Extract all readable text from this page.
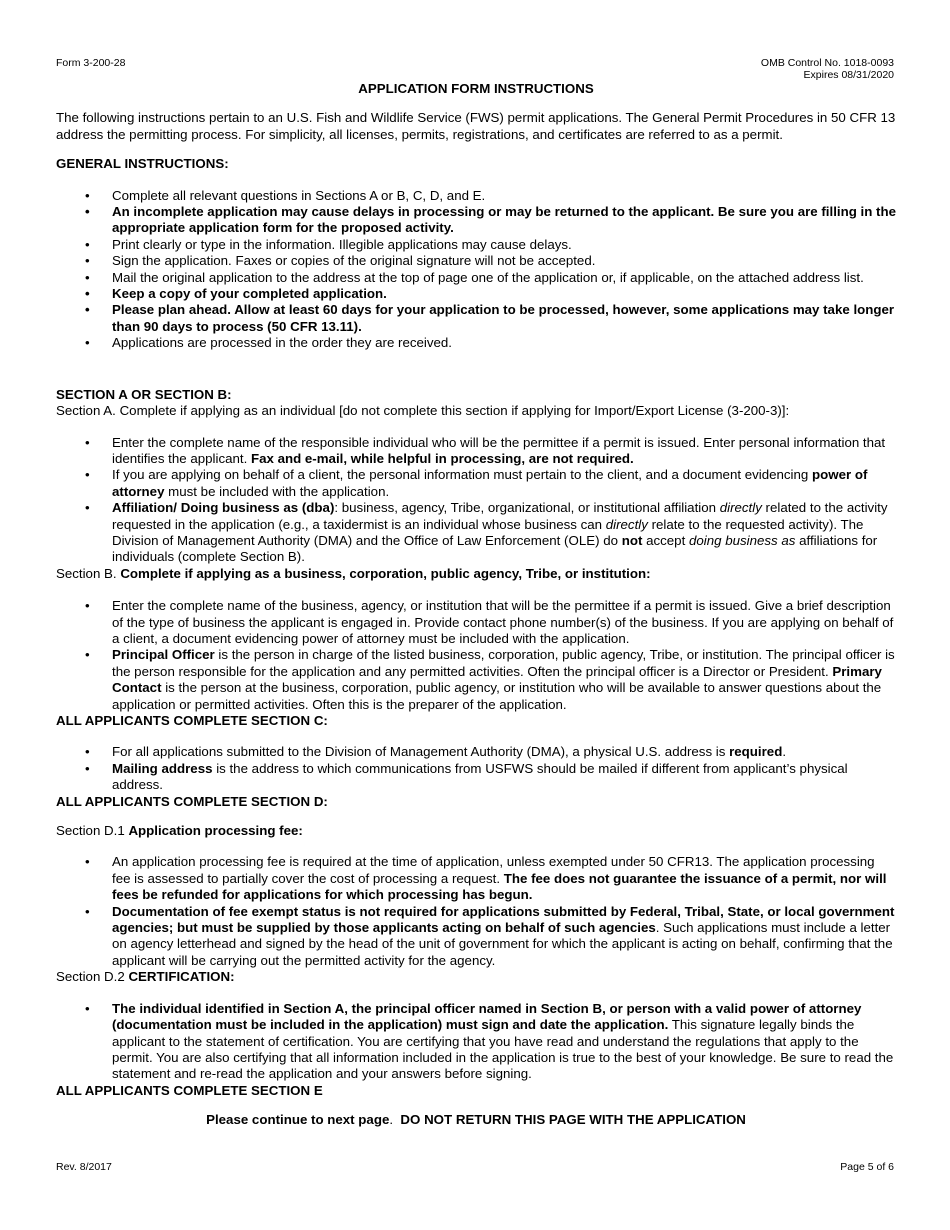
Form 3-200-28	OMB Control No. 1018-0093
Expires 08/31/2020

APPLICATION FORM INSTRUCTIONS

The following instructions pertain to an U.S. Fish and Wildlife Service (FWS) permit applications. The General Permit Procedures in 50 CFR 13 address the permitting process. For simplicity, all licenses, permits, registrations, and certificates are referred to as a permit.

GENERAL INSTRUCTIONS:

• Complete all relevant questions in Sections A or B, C, D, and E.
• An incomplete application may cause delays in processing or may be returned to the applicant. Be sure you are filling in the appropriate application form for the proposed activity.
• Print clearly or type in the information. Illegible applications may cause delays.
• Sign the application. Faxes or copies of the original signature will not be accepted.
• Mail the original application to the address at the top of page one of the application or, if applicable, on the attached address list.
• Keep a copy of your completed application.
• Please plan ahead. Allow at least 60 days for your application to be processed, however, some applications may take longer than 90 days to process (50 CFR 13.11).
• Applications are processed in the order they are received.

SECTION A OR SECTION B:

Section A. Complete if applying as an individual [do not complete this section if applying for Import/Export License (3-200-3)]:

• Enter the complete name of the responsible individual who will be the permittee if a permit is issued. Enter personal information that identifies the applicant. Fax and e-mail, while helpful in processing, are not required.
• If you are applying on behalf of a client, the personal information must pertain to the client, and a document evidencing power of attorney must be included with the application.
• Affiliation/ Doing business as (dba): business, agency, Tribe, organizational, or institutional affiliation directly related to the activity requested in the application (e.g., a taxidermist is an individual whose business can directly relate to the requested activity). The Division of Management Authority (DMA) and the Office of Law Enforcement (OLE) do not accept doing business as affiliations for individuals (complete Section B).

Section B. Complete if applying as a business, corporation, public agency, Tribe, or institution:

• Enter the complete name of the business, agency, or institution that will be the permittee if a permit is issued. Give a brief description of the type of business the applicant is engaged in. Provide contact phone number(s) of the business. If you are applying on behalf of a client, a document evidencing power of attorney must be included with the application.
• Principal Officer is the person in charge of the listed business, corporation, public agency, Tribe, or institution. The principal officer is the person responsible for the application and any permitted activities. Often the principal officer is a Director or President. Primary Contact is the person at the business, corporation, public agency, or institution who will be available to answer questions about the application or permitted activities. Often this is the preparer of the application.

ALL APPLICANTS COMPLETE SECTION C:

• For all applications submitted to the Division of Management Authority (DMA), a physical U.S. address is required.
• Mailing address is the address to which communications from USFWS should be mailed if different from applicant’s physical address.

ALL APPLICANTS COMPLETE SECTION D:

Section D.1 Application processing fee:

• An application processing fee is required at the time of application, unless exempted under 50 CFR13. The application processing fee is assessed to partially cover the cost of processing a request. The fee does not guarantee the issuance of a permit, nor will fees be refunded for applications for which processing has begun.
• Documentation of fee exempt status is not required for applications submitted by Federal, Tribal, State, or local government agencies; but must be supplied by those applicants acting on behalf of such agencies. Such applications must include a letter on agency letterhead and signed by the head of the unit of government for which the applicant is acting on behalf, confirming that the applicant will be carrying out the permitted activity for the agency.

Section D.2 CERTIFICATION:

• The individual identified in Section A, the principal officer named in Section B, or person with a valid power of attorney (documentation must be included in the application) must sign and date the application. This signature legally binds the applicant to the statement of certification. You are certifying that you have read and understand the regulations that apply to the permit. You are also certifying that all information included in the application is true to the best of your knowledge. Be sure to read the statement and re-read the application and your answers before signing.

ALL APPLICANTS COMPLETE SECTION E

Please continue to next page.  DO NOT RETURN THIS PAGE WITH THE APPLICATION

Rev. 8/2017	Page 5 of 6
